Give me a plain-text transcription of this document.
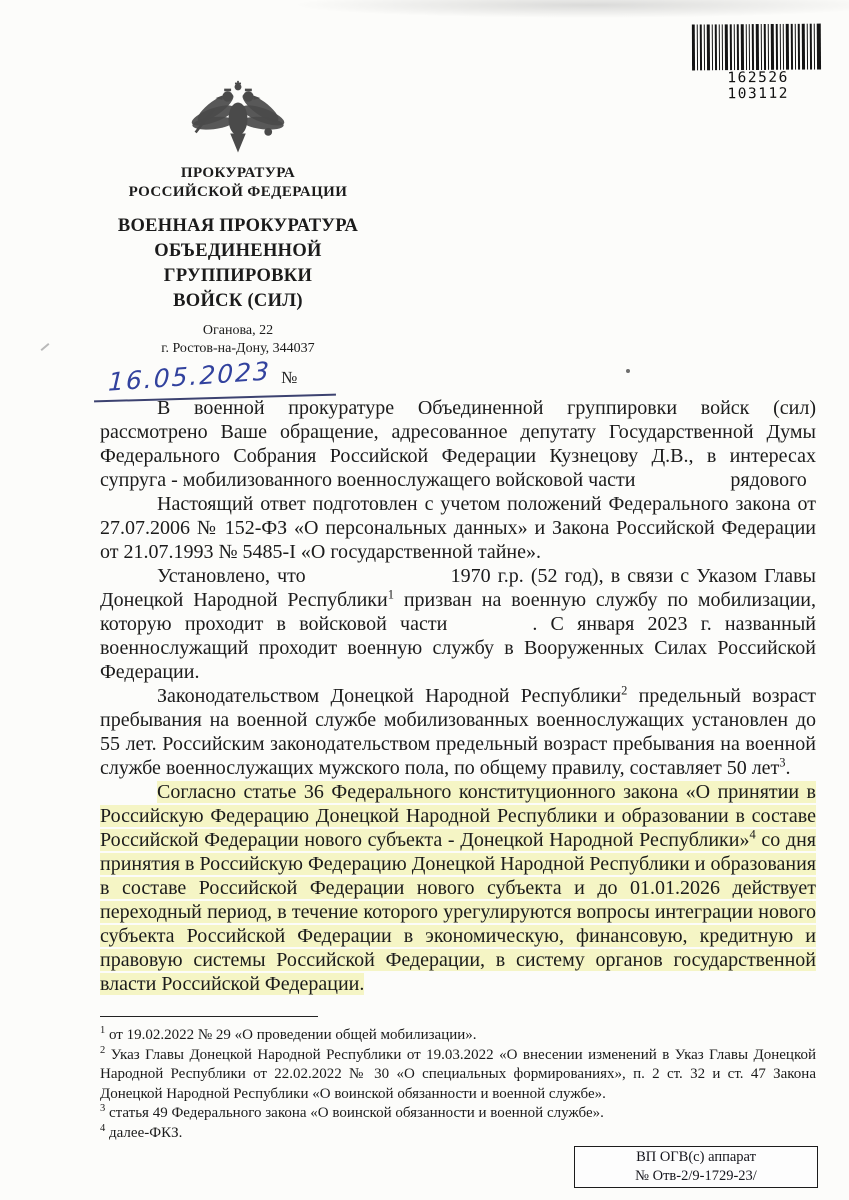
162526 103112
ПРОКУРАТУРА
РОССИЙСКОЙ ФЕДЕРАЦИИ
ВОЕННАЯ ПРОКУРАТУРА
ОБЪЕДИНЕННОЙ
ГРУППИРОВКИ
ВОЙСК (СИЛ)
Оганова, 22
г. Ростов-на-Дону, 344037
16.05.2023 №

В военной прокуратуре Объединенной группировки войск (сил) рассмотрено Ваше обращение, адресованное депутату Государственной Думы Федерального Собрания Российской Федерации Кузнецову Д.В., в интересах супруга - мобилизованного военнослужащего войсковой части	рядового

Настоящий ответ подготовлен с учетом положений Федерального закона от 27.07.2006 № 152-ФЗ «О персональных данных» и Закона Российской Федерации от 21.07.1993 № 5485-I «О государственной тайне».

Установлено, что	1970 г.р. (52 год), в связи с Указом Главы Донецкой Народной Республики$^1$ призван на военную службу по мобилизации, которую проходит в войсковой части	. С января 2023 г. названный военнослужащий проходит военную службу в Вооруженных Силах Российской Федерации.

Законодательством Донецкой Народной Республики$^2$ предельный возраст пребывания на военной службе мобилизованных военнослужащих установлен до 55 лет. Российским законодательством предельный возраст пребывания на военной службе военнослужащих мужского пола, по общему правилу, составляет 50 лет$^3$.

Согласно статье 36 Федерального конституционного закона «О принятии в Российскую Федерацию Донецкой Народной Республики и образовании в составе Российской Федерации нового субъекта - Донецкой Народной Республики»$^4$ со дня принятия в Российскую Федерацию Донецкой Народной Республики и образования в составе Российской Федерации нового субъекта и до 01.01.2026 действует переходный период, в течение которого урегулируются вопросы интеграции нового субъекта Российской Федерации в экономическую, финансовую, кредитную и правовую системы Российской Федерации, в систему органов государственной власти Российской Федерации.

$^1$ от 19.02.2022 № 29 «О проведении общей мобилизации».

$^2$ Указ Главы Донецкой Народной Республики от 19.03.2022 «О внесении изменений в Указ Главы Донецкой Народной Республики от 22.02.2022 № 30 «О специальных формированиях», п. 2 ст. 32 и ст. 47 Закона Донецкой Народной Республики «О воинской обязанности и военной службе».

$^3$ статья 49 Федерального закона «О воинской обязанности и военной службе».

$^4$ далее-ФКЗ.

ВП ОГВ(с) аппарат
№ Отв-2/9-1729-23/
